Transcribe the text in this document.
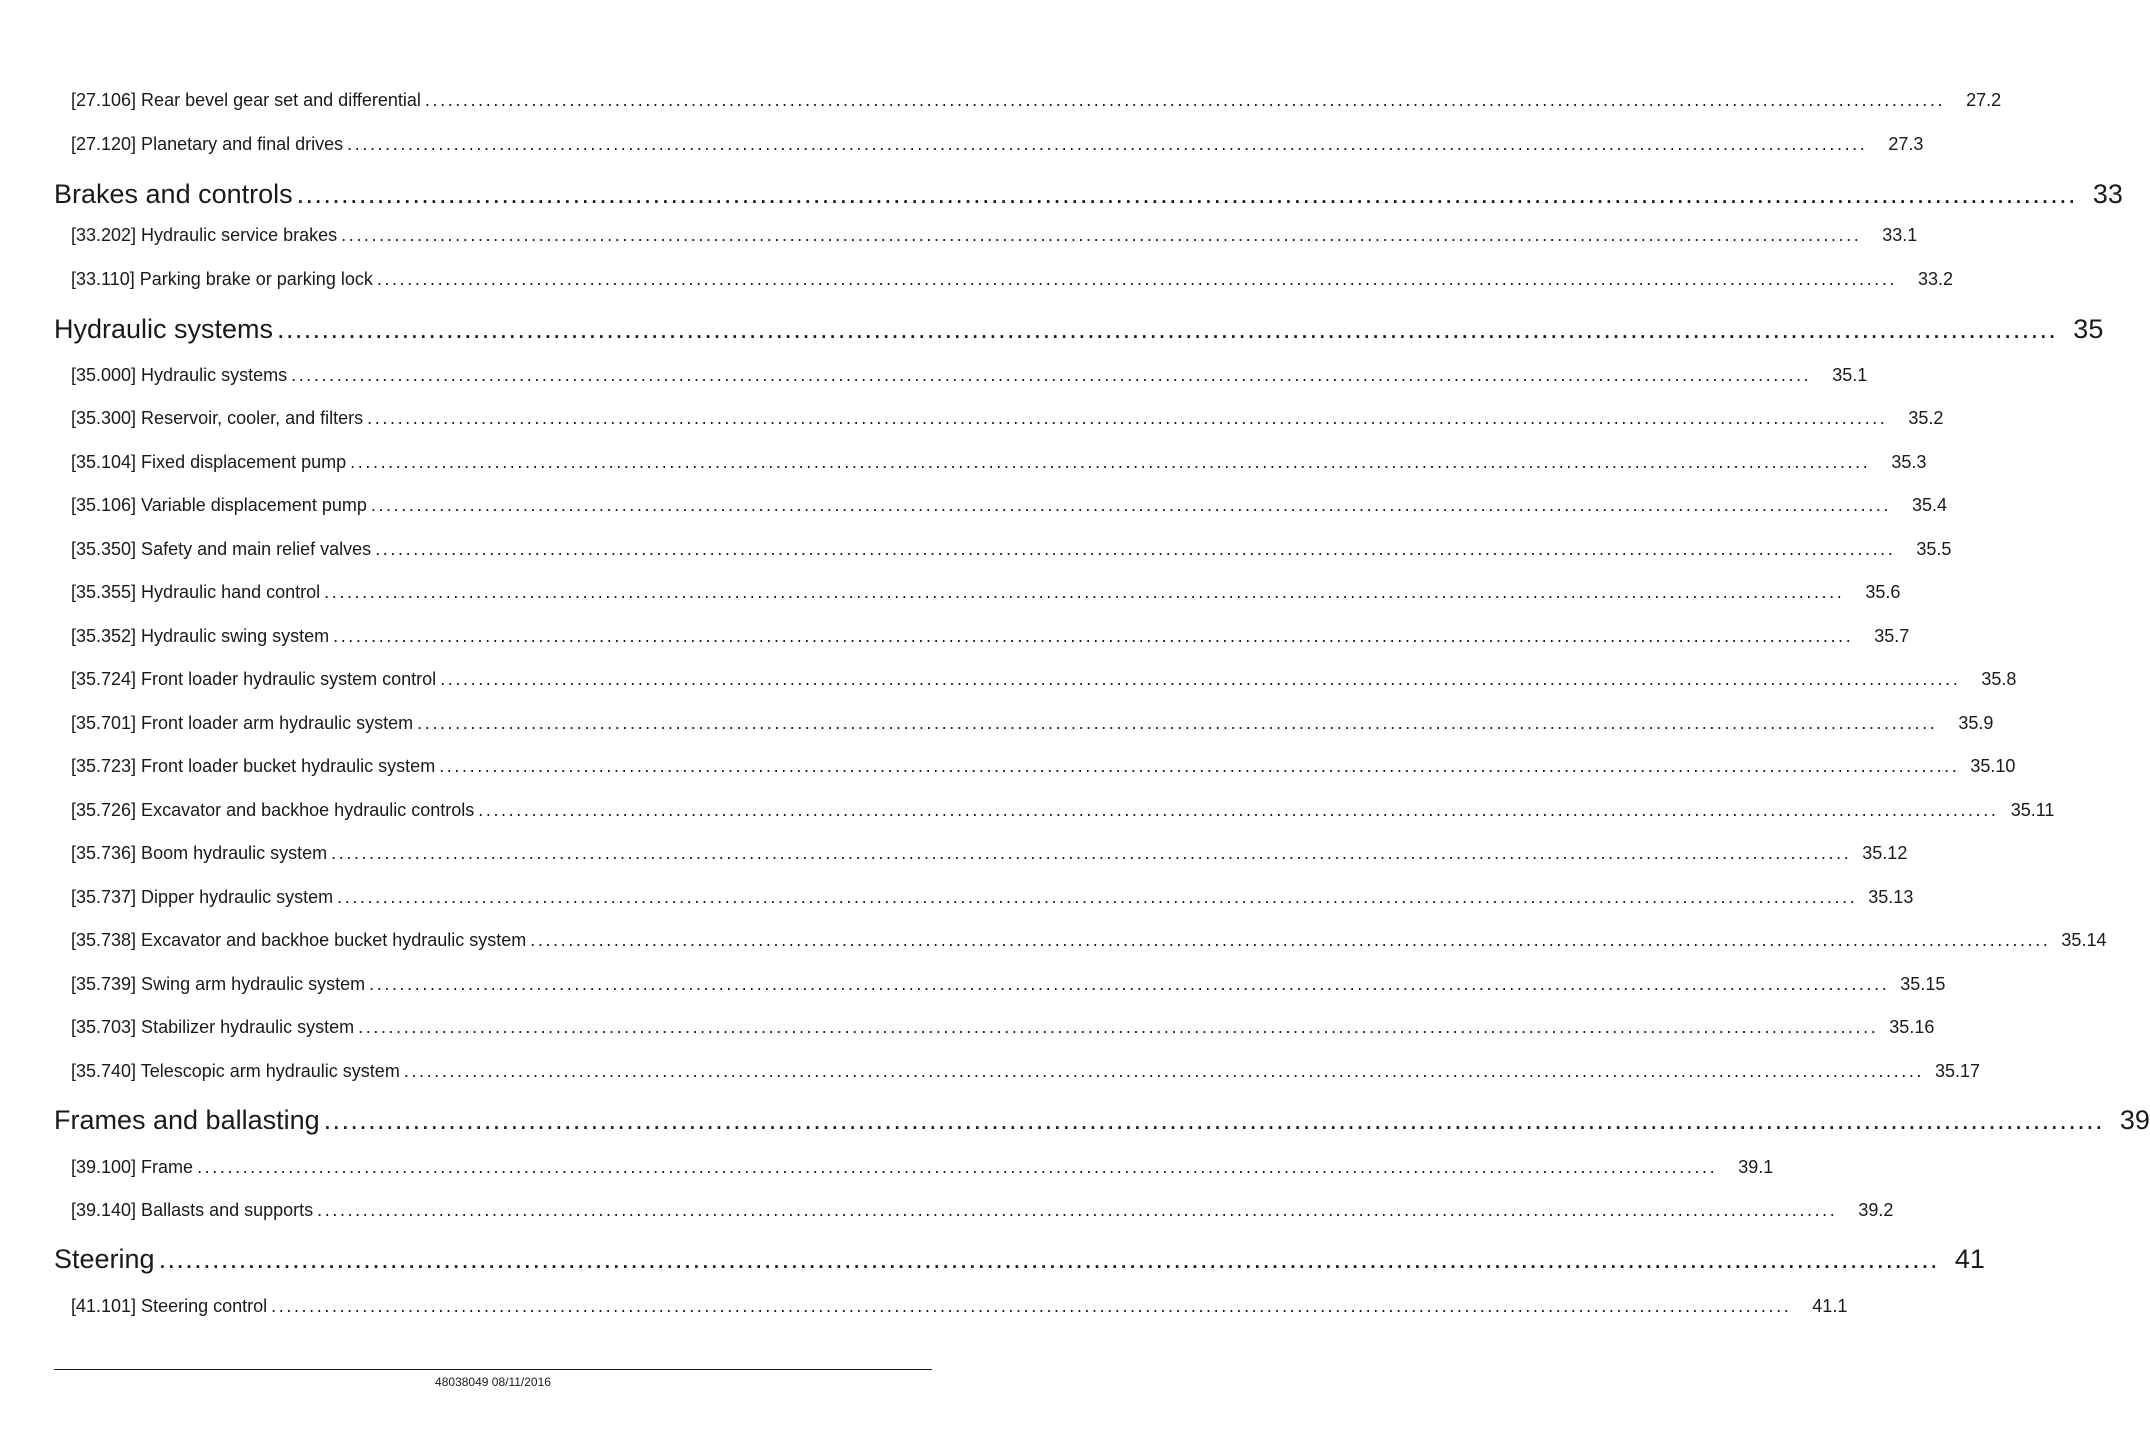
[27.106] Rear bevel gear set and differential ........................................................................................................................................................................................................	27.2
[27.120] Planetary and final drives ........................................................................................................................................................................................................	27.3
Brakes and controls ........................................................................................................................................................................................................ 33
[33.202] Hydraulic service brakes ........................................................................................................................................................................................................	33.1
[33.110] Parking brake or parking lock ........................................................................................................................................................................................................	33.2
Hydraulic systems ........................................................................................................................................................................................................ 35
[35.000] Hydraulic systems ........................................................................................................................................................................................................	35.1
[35.300] Reservoir, cooler, and filters ........................................................................................................................................................................................................	35.2
[35.104] Fixed displacement pump ........................................................................................................................................................................................................	35.3
[35.106] Variable displacement pump ........................................................................................................................................................................................................	35.4
[35.350] Safety and main relief valves ........................................................................................................................................................................................................	35.5
[35.355] Hydraulic hand control ........................................................................................................................................................................................................	35.6
[35.352] Hydraulic swing system ........................................................................................................................................................................................................	35.7
[35.724] Front loader hydraulic system control ........................................................................................................................................................................................................	35.8
[35.701] Front loader arm hydraulic system ........................................................................................................................................................................................................	35.9
[35.723] Front loader bucket hydraulic system ........................................................................................................................................................................................................ 35.10
[35.726] Excavator and backhoe hydraulic controls ........................................................................................................................................................................................................ 35.11
[35.736] Boom hydraulic system ........................................................................................................................................................................................................ 35.12
[35.737] Dipper hydraulic system ........................................................................................................................................................................................................ 35.13
[35.738] Excavator and backhoe bucket hydraulic system ........................................................................................................................................................................................................ 35.14
[35.739] Swing arm hydraulic system ........................................................................................................................................................................................................ 35.15
[35.703] Stabilizer hydraulic system ........................................................................................................................................................................................................ 35.16
[35.740] Telescopic arm hydraulic system ........................................................................................................................................................................................................ 35.17
Frames and ballasting ........................................................................................................................................................................................................ 39
[39.100] Frame ........................................................................................................................................................................................................	39.1
[39.140] Ballasts and supports ........................................................................................................................................................................................................	39.2
Steering ........................................................................................................................................................................................................ 41
[41.101] Steering control ........................................................................................................................................................................................................	41.1
48038049 08/11/2016
